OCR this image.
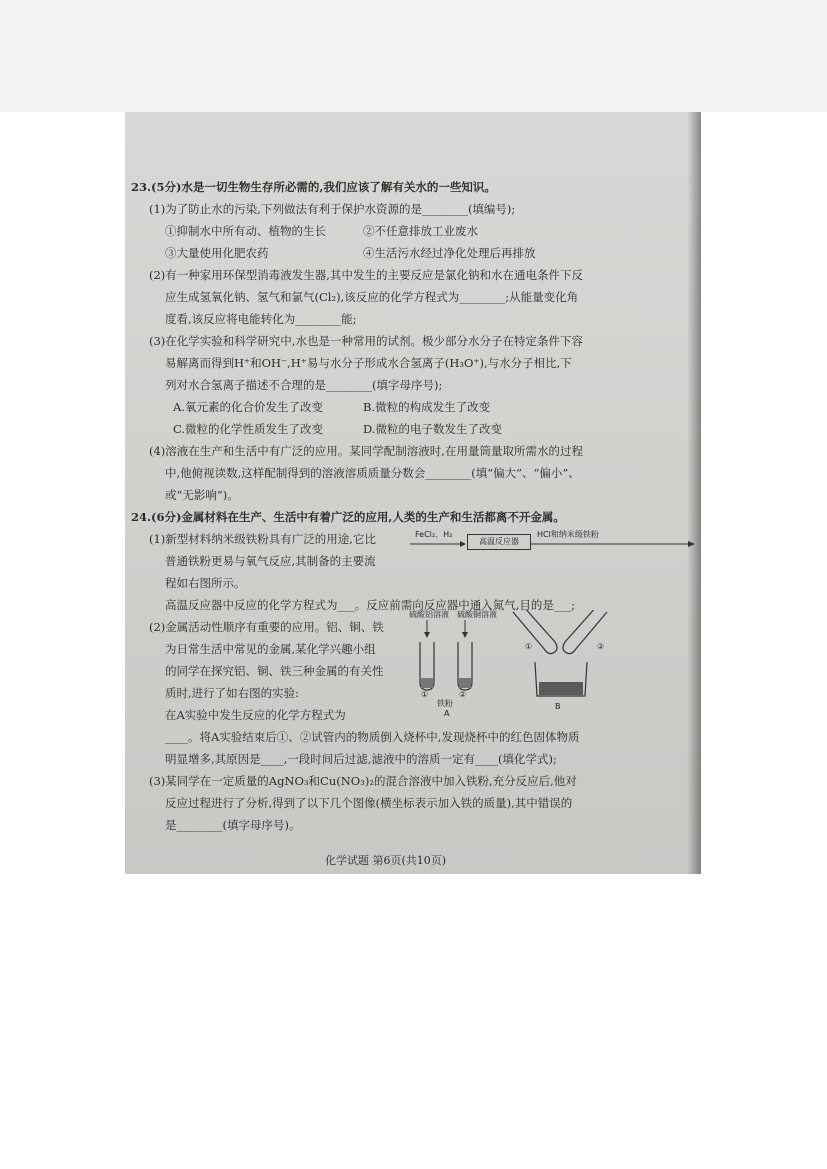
23.(5分)水是一切生物生存所必需的,我们应该了解有关水的一些知识。
(1)为了防止水的污染,下列做法有利于保护水资源的是________(填编号);
①抑制水中所有动、植物的生长	②不任意排放工业废水
③大量使用化肥农药	④生活污水经过净化处理后再排放
(2)有一种家用环保型消毒液发生器,其中发生的主要反应是氯化钠和水在通电条件下反
应生成氢氧化钠、氢气和氯气(Cl₂),该反应的化学方程式为________;从能量变化角
度看,该反应将电能转化为________能;
(3)在化学实验和科学研究中,水也是一种常用的试剂。极少部分水分子在特定条件下容
易解离而得到H⁺和OH⁻,H⁺易与水分子形成水合氢离子(H₃O⁺),与水分子相比,下
列对水合氢离子描述不合理的是________(填字母序号);
A.氧元素的化合价发生了改变	B.微粒的构成发生了改变
C.微粒的化学性质发生了改变	D.微粒的电子数发生了改变
(4)溶液在生产和生活中有广泛的应用。某同学配制溶液时,在用量筒量取所需水的过程
中,他俯视读数,这样配制得到的溶液溶质质量分数会________(填“偏大”、“偏小”、
或“无影响”)。
24.(6分)金属材料在生产、生活中有着广泛的应用,人类的生产和生活都离不开金属。
(1)新型材料纳米级铁粉具有广泛的用途,它比
普通铁粉更易与氧气反应,其制备的主要流
程如右图所示。
FeCl₂、H₂
高温反应器
HCl和纳米级铁粉
高温反应器中反应的化学方程式为___。反应前需向反应器中通入氮气,目的是___;
(2)金属活动性顺序有重要的应用。铝、铜、铁
为日常生活中常见的金属,某化学兴趣小组
的同学在探究铝、铜、铁三种金属的有关性
质时,进行了如右图的实验:
在A实验中发生反应的化学方程式为
硫酸铝溶液 硫酸铜溶液
①	②
铁粉
A
①	②
B
____。将A实验结束后①、②试管内的物质倒入烧杯中,发现烧杯中的红色固体物质
明显增多,其原因是____,一段时间后过滤,滤液中的溶质一定有____(填化学式);
(3)某同学在一定质量的AgNO₃和Cu(NO₃)₂的混合溶液中加入铁粉,充分反应后,他对
反应过程进行了分析,得到了以下几个图像(横坐标表示加入铁的质量),其中错误的
是________(填字母序号)。
化学试题 第6页(共10页)
